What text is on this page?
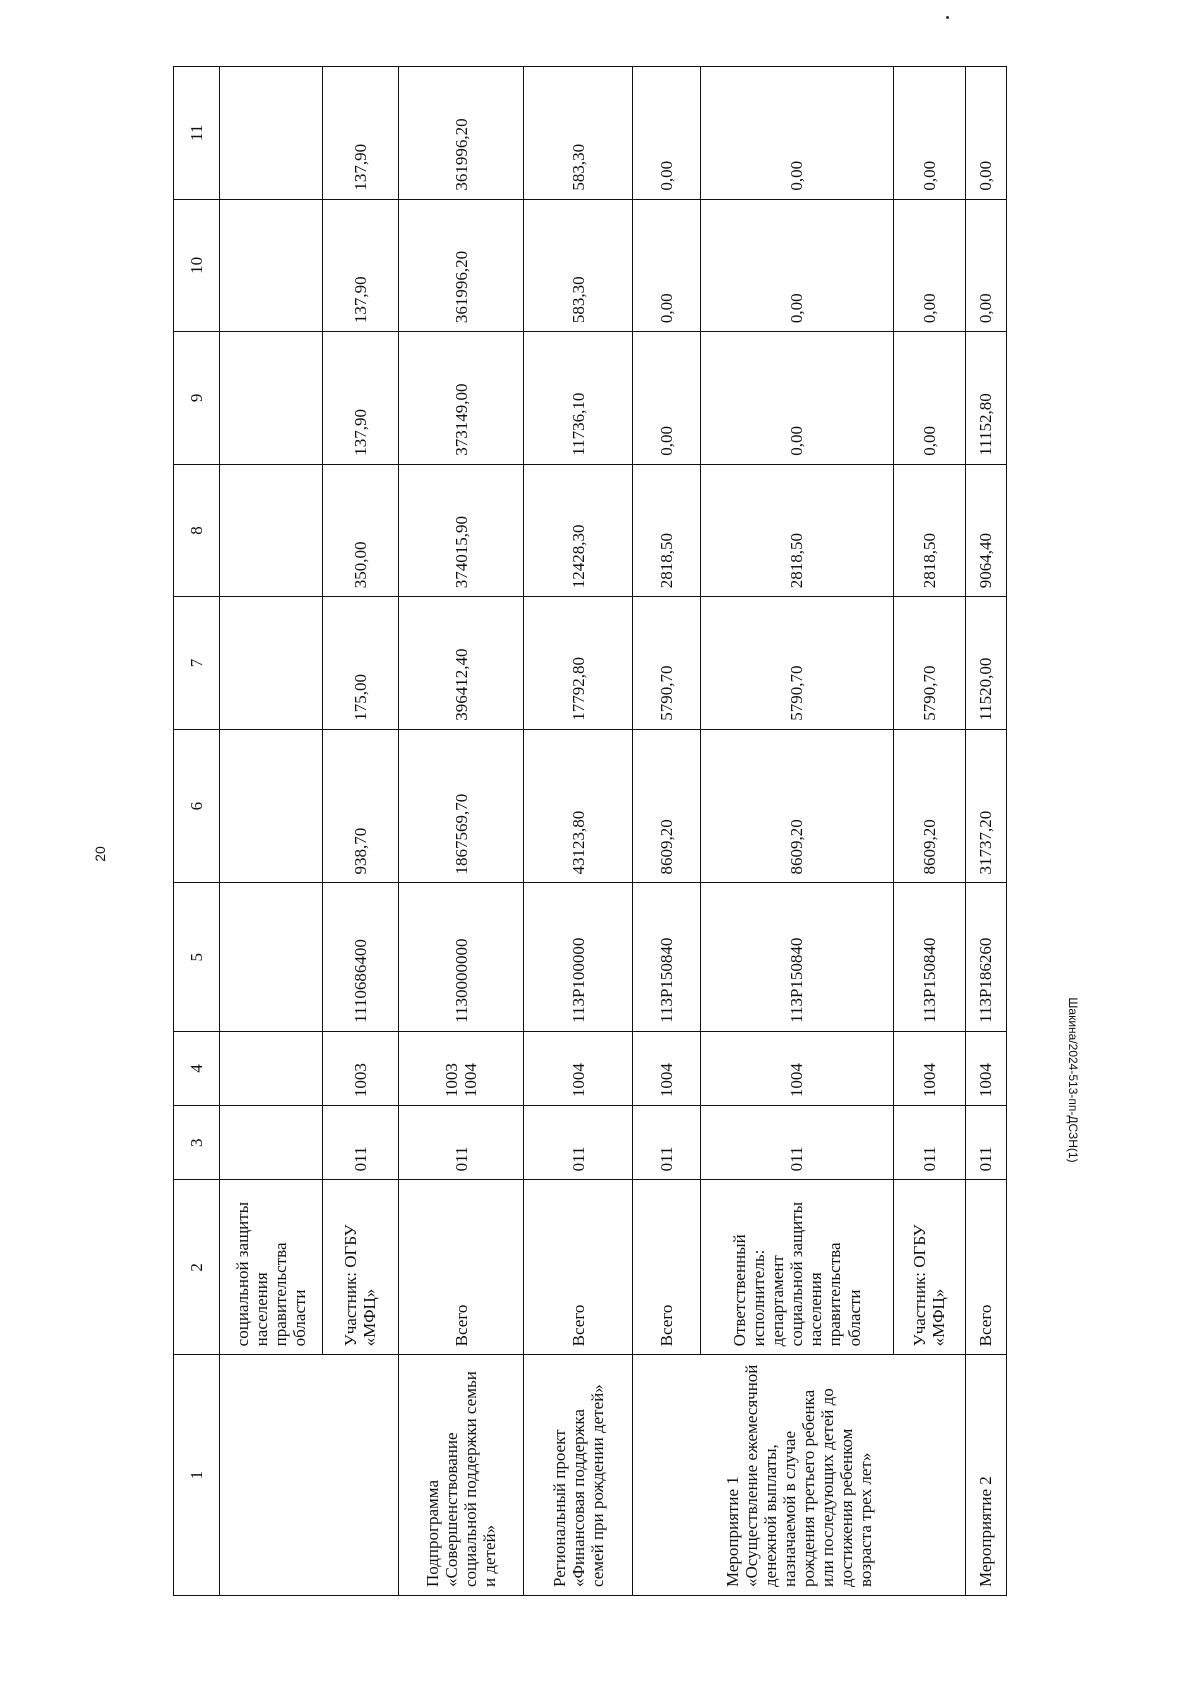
20
Шакина/2024-513-пп-ДСЗН(1)
1	2	3	4	5	6	7	8	9	10	11
	социальной защиты населения правительства области									
	Участник: ОГБУ «МФЦ»	011	1003	1110686400	938,70	175,00	350,00	137,90	137,90	137,90
Подпрограмма «Совершенствование социальной поддержки семьи и детей»	Всего	011	1003 1004	1130000000	1867569,70	396412,40	374015,90	373149,00	361996,20	361996,20
Региональный проект «Финансовая поддержка семей при рождении детей»	Всего	011	1004	113Р100000	43123,80	17792,80	12428,30	11736,10	583,30	583,30
Мероприятие 1 «Осуществление ежемесячной денежной выплаты, назначаемой в случае рождения третьего ребенка или последующих детей до достижения ребенком возраста трех лет»	Всего	011	1004	113Р150840	8609,20	5790,70	2818,50	0,00	0,00	0,00
	Ответственный исполнитель: департамент социальной защиты населения правительства области	011	1004	113Р150840	8609,20	5790,70	2818,50	0,00	0,00	0,00
	Участник: ОГБУ «МФЦ»	011	1004	113Р150840	8609,20	5790,70	2818,50	0,00	0,00	0,00
Мероприятие 2	Всего	011	1004	113Р186260	31737,20	11520,00	9064,40	11152,80	0,00	0,00
